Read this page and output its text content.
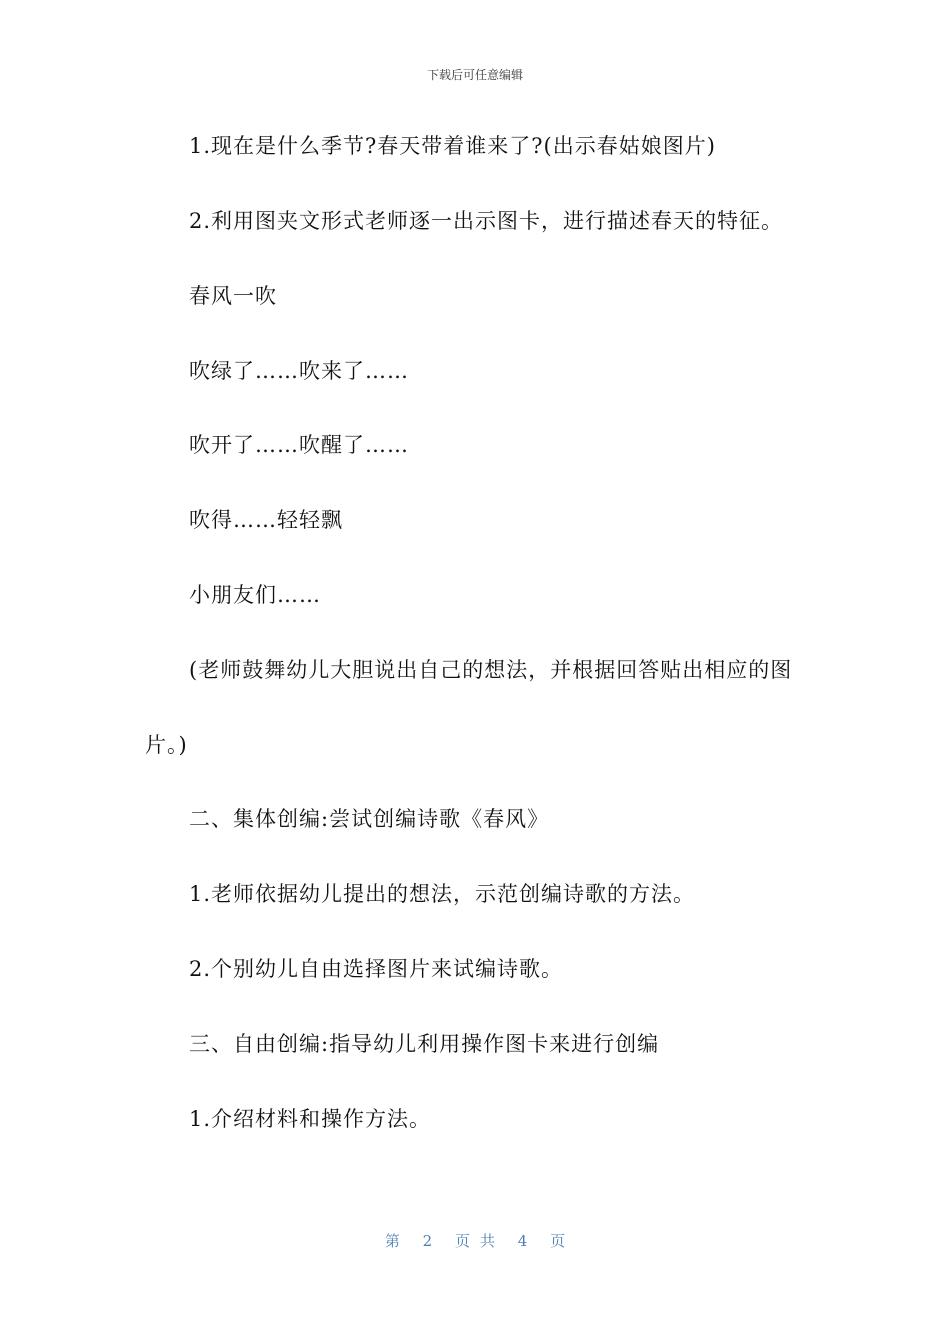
下载后可任意编辑
1.现在是什么季节?春天带着谁来了?(出示春姑娘图片)
2.利用图夹文形式老师逐一出示图卡，进行描述春天的特征。
春风一吹
吹绿了……吹来了……
吹开了……吹醒了……
吹得……轻轻飘
小朋友们……
(老师鼓舞幼儿大胆说出自己的想法，并根据回答贴出相应的图
片。)
二、集体创编:尝试创编诗歌《春风》
1.老师依据幼儿提出的想法，示范创编诗歌的方法。
2.个别幼儿自由选择图片来试编诗歌。
三、自由创编:指导幼儿利用操作图卡来进行创编
1.介绍材料和操作方法。
第 2 页共 4 页
